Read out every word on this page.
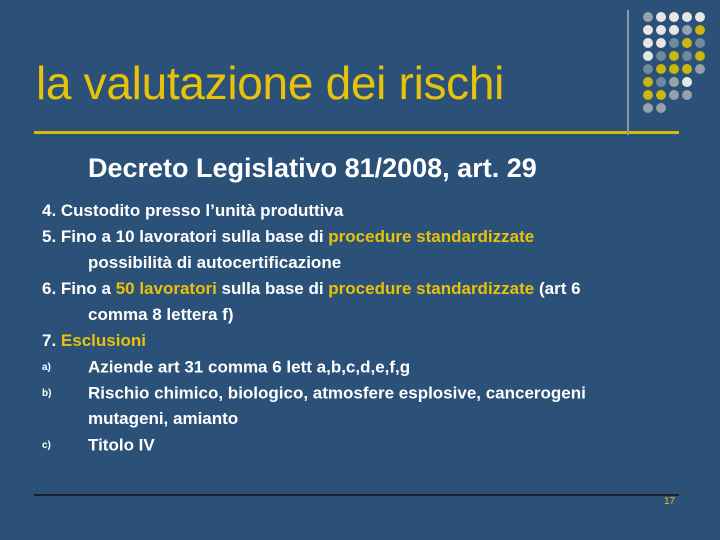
la valutazione dei rischi
Decreto Legislativo 81/2008, art. 29
4. Custodito presso l’unità produttiva
5. Fino a 10 lavoratori sulla base di procedure standardizzate
possibilità di autocertificazione
6. Fino a 50 lavoratori sulla base di procedure standardizzate (art 6
comma 8 lettera f)
7. Esclusioni
a) Aziende art 31 comma 6 lett a,b,c,d,e,f,g
b) Rischio chimico, biologico, atmosfere esplosive, cancerogeni
mutageni, amianto
c) Titolo IV
17
